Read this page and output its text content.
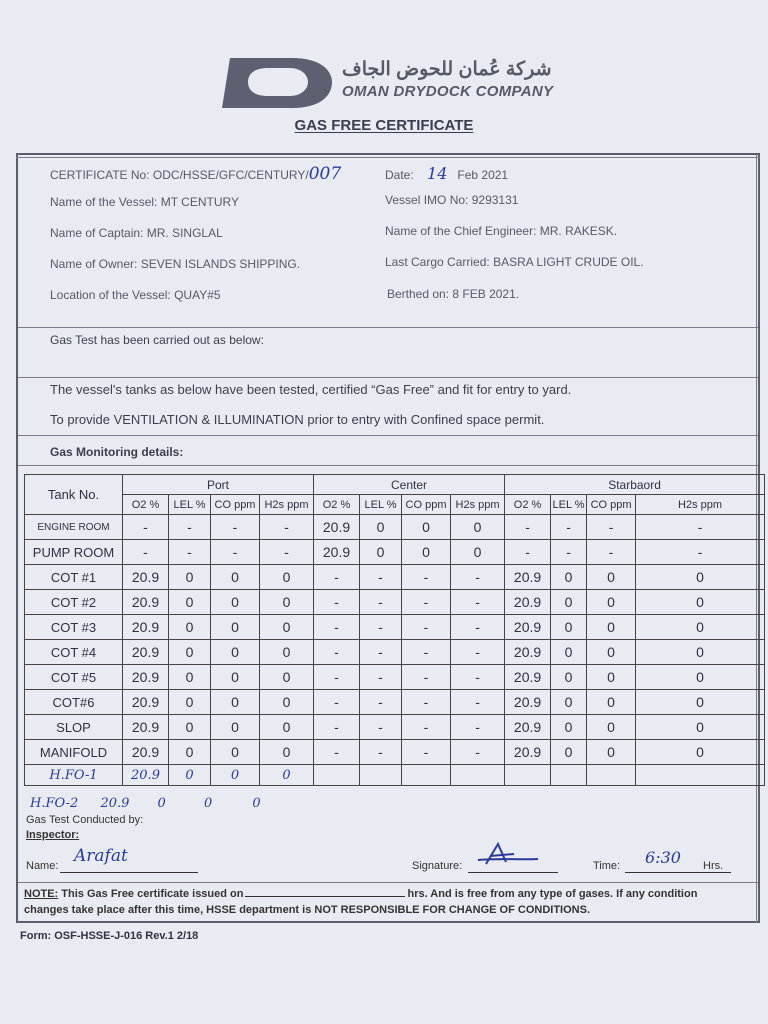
شركة عُمان للحوض الجاف
OMAN DRYDOCK COMPANY
GAS FREE CERTIFICATE
CERTIFICATE No: ODC/HSSE/GFC/CENTURY/007	Date: 14 Feb 2021
Name of the Vessel: MT CENTURY	Vessel IMO No: 9293131
Name of Captain: MR. SINGLAL	Name of the Chief Engineer: MR. RAKESK.
Name of Owner: SEVEN ISLANDS SHIPPING.	Last Cargo Carried: BASRA LIGHT CRUDE OIL.
Location of the Vessel: QUAY#5	Berthed on: 8 FEB 2021.
Gas Test has been carried out as below:
The vessel's tanks as below have been tested, certified “Gas Free” and fit for entry to yard.
To provide VENTILATION & ILLUMINATION prior to entry with Confined space permit.
Gas Monitoring details:
Tank No.	Port				Center				Starbaord			
	O2 %	LEL %	CO ppm	H2s ppm	O2 %	LEL %	CO ppm	H2s ppm	O2 %	LEL %	CO ppm	H2s ppm
ENGINE ROOM	-	-	-	-	20.9	0	0	0	-	-	-	-
PUMP ROOM	-	-	-	-	20.9	0	0	0	-	-	-	-
COT #1	20.9	0	0	0	-	-	-	-	20.9	0	0	0
COT #2	20.9	0	0	0	-	-	-	-	20.9	0	0	0
COT #3	20.9	0	0	0	-	-	-	-	20.9	0	0	0
COT #4	20.9	0	0	0	-	-	-	-	20.9	0	0	0
COT #5	20.9	0	0	0	-	-	-	-	20.9	0	0	0
COT#6	20.9	0	0	0	-	-	-	-	20.9	0	0	0
SLOP	20.9	0	0	0	-	-	-	-	20.9	0	0	0
MANIFOLD	20.9	0	0	0	-	-	-	-	20.9	0	0	0
H.FO-1	20.9	0	0	0								
H.FO-2 20.9 0	0	0
Gas Test Conducted by:
Inspector:
Name: Arafat	Signature:	Time: 6:30 Hrs.
NOTE: This Gas Free certificate issued on	hrs. And is free from any type of gases. If any condition
changes take place after this time, HSSE department is NOT RESPONSIBLE FOR CHANGE OF CONDITIONS.
Form: OSF-HSSE-J-016 Rev.1 2/18
